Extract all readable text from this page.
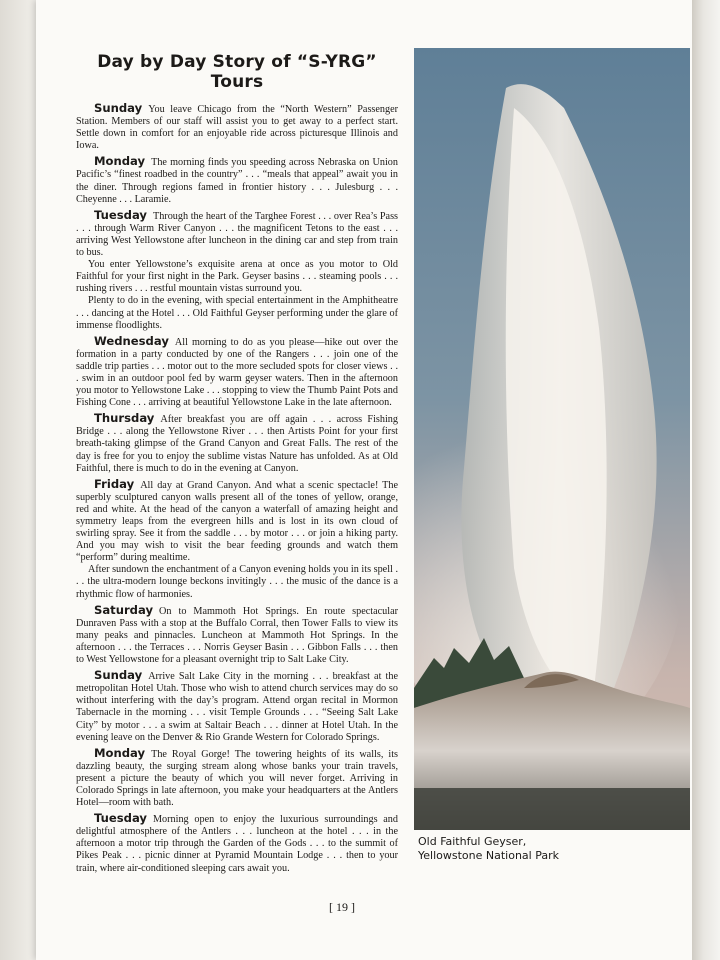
Day by Day Story of “S-YRG” Tours

Sunday You leave Chicago from the “North Western” Passenger Station. Members of our staff will assist you to get away to a perfect start. Settle down in comfort for an enjoyable ride across picturesque Illinois and Iowa.

Monday The morning finds you speeding across Nebraska on Union Pacific’s “finest roadbed in the country” . . . “meals that appeal” await you in the diner. Through regions famed in frontier history . . . Julesburg . . . Cheyenne . . . Laramie.

Tuesday Through the heart of the Targhee Forest . . . over Rea’s Pass . . . through Warm River Canyon . . . the magnificent Tetons to the east . . . arriving West Yellowstone after luncheon in the dining car and step from train to bus.

You enter Yellowstone’s exquisite arena at once as you motor to Old Faithful for your first night in the Park. Geyser basins . . . steaming pools . . . rushing rivers . . . restful mountain vistas surround you.

Plenty to do in the evening, with special entertainment in the Amphitheatre . . . dancing at the Hotel . . . Old Faithful Geyser performing under the glare of immense floodlights.

Wednesday All morning to do as you please—hike out over the formation in a party conducted by one of the Rangers . . . join one of the saddle trip parties . . . motor out to the more secluded spots for closer views . . . swim in an outdoor pool fed by warm geyser waters. Then in the afternoon you motor to Yellowstone Lake . . . stopping to view the Thumb Paint Pots and Fishing Cone . . . arriving at beautiful Yellowstone Lake in the late afternoon.

Thursday After breakfast you are off again . . . across Fishing Bridge . . . along the Yellowstone River . . . then Artists Point for your first breath-taking glimpse of the Grand Canyon and Great Falls. The rest of the day is free for you to enjoy the sublime vistas Nature has unfolded. As at Old Faithful, there is much to do in the evening at Canyon.

Friday All day at Grand Canyon. And what a scenic spectacle! The superbly sculptured canyon walls present all of the tones of yellow, orange, red and white. At the head of the canyon a waterfall of amazing height and symmetry leaps from the evergreen hills and is lost in its own cloud of swirling spray. See it from the saddle . . . by motor . . . or join a hiking party. And you may wish to visit the bear feeding grounds and watch them “perform” during mealtime.

After sundown the enchantment of a Canyon evening holds you in its spell . . . the ultra-modern lounge beckons invitingly . . . the music of the dance is a rhythmic flow of harmonies.

Saturday On to Mammoth Hot Springs. En route spectacular Dunraven Pass with a stop at the Buffalo Corral, then Tower Falls to view its many peaks and pinnacles. Luncheon at Mammoth Hot Springs. In the afternoon . . . the Terraces . . . Norris Geyser Basin . . . Gibbon Falls . . . then to West Yellowstone for a pleasant overnight trip to Salt Lake City.

Sunday Arrive Salt Lake City in the morning . . . breakfast at the metropolitan Hotel Utah. Those who wish to attend church services may do so without interfering with the day’s program. Attend organ recital in Mormon Tabernacle in the morning . . . visit Temple Grounds . . . “Seeing Salt Lake City” by motor . . . a swim at Saltair Beach . . . dinner at Hotel Utah. In the evening leave on the Denver & Rio Grande Western for Colorado Springs.

Monday The Royal Gorge! The towering heights of its walls, its dazzling beauty, the surging stream along whose banks your train travels, present a picture the beauty of which you will never forget. Arriving in Colorado Springs in late afternoon, you make your headquarters at the Antlers Hotel—room with bath.

Tuesday Morning open to enjoy the luxurious surroundings and delightful atmosphere of the Antlers . . . luncheon at the hotel . . . in the afternoon a motor trip through the Garden of the Gods . . . to the summit of Pikes Peak . . . picnic dinner at Pyramid Mountain Lodge . . . then to your train, where air-conditioned sleeping cars await you.

Old Faithful Geyser,
Yellowstone National Park
[ 19 ]
